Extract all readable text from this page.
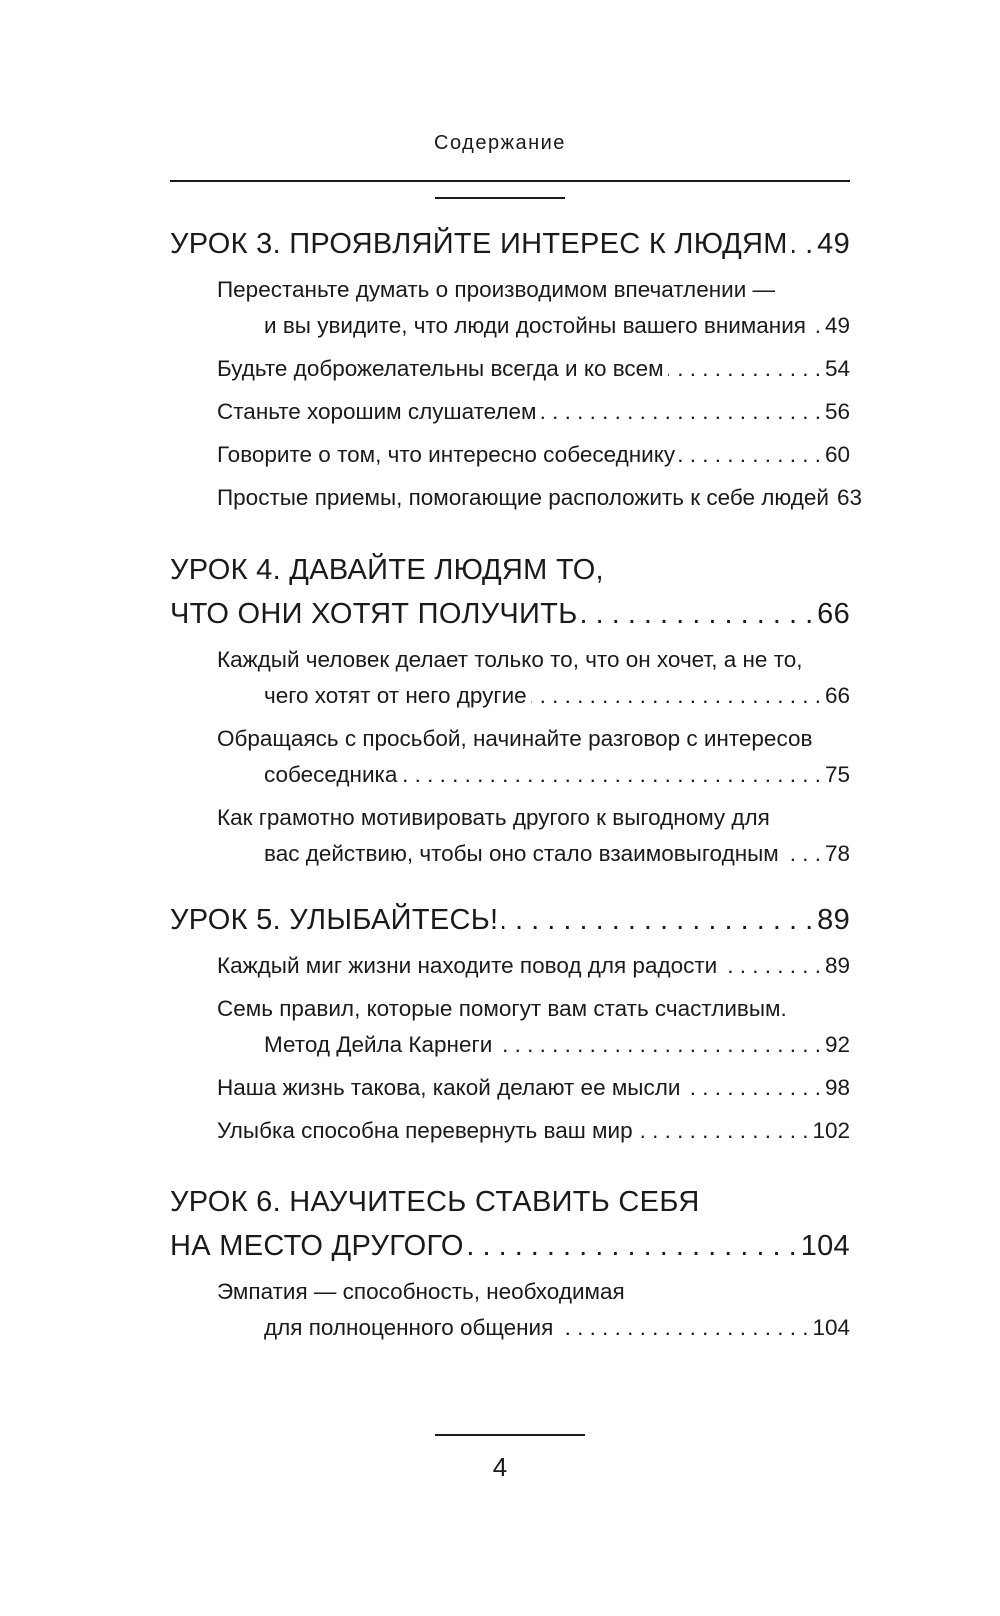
Содержание
УРОК 3. ПРОЯВЛЯЙТЕ ИНТЕРЕС К ЛЮДЯМ . . . 49
Перестаньте думать о производимом впечатлении —
и вы увидите, что люди достойны вашего внимания . . . 49
Будьте доброжелательны всегда и ко всем . . .	54
Станьте хорошим слушателем . . .	56
Говорите о том, что интересно собеседнику . . .	60
Простые приемы, помогающие расположить к себе людей 63
УРОК 4. ДАВАЙТЕ ЛЮДЯМ ТО,
ЧТО ОНИ ХОТЯТ ПОЛУЧИТЬ . . .	66
Каждый человек делает только то, что он хочет, а не то,
чего хотят от него другие . . .	66
Обращаясь с просьбой, начинайте разговор с интересов
собеседника . . .	75
Как грамотно мотивировать другого к выгодному для
вас действию, чтобы оно стало взаимовыгодным . . . 78
УРОК 5. УЛЫБАЙТЕСЬ! . . .	89
Каждый миг жизни находите повод для радости . . .	89
Семь правил, которые помогут вам стать счастливым.
Метод Дейла Карнеги . . .	92
Наша жизнь такова, какой делают ее мысли . . .	98
Улыбка способна перевернуть ваш мир . . .	102
УРОК 6. НАУЧИТЕСЬ СТАВИТЬ СЕБЯ
НА МЕСТО ДРУГОГО . . .	104
Эмпатия — способность, необходимая
для полноценного общения . . .	104
4
